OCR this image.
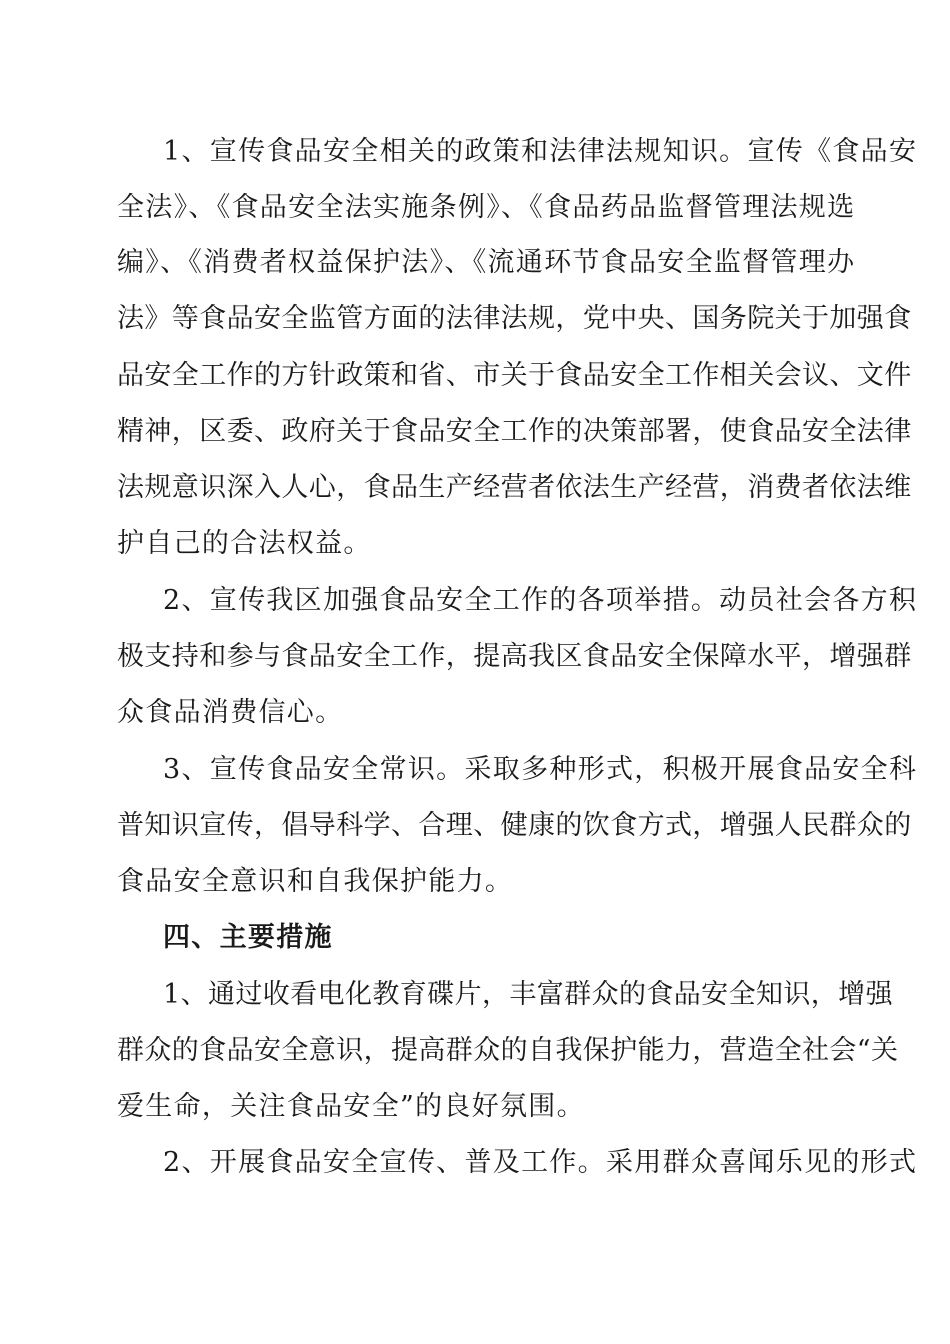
1、宣传食品安全相关的政策和法律法规知识。宣传《食品安
全法》、《食品安全法实施条例》、《食品药品监督管理法规选
编》、《消费者权益保护法》、《流通环节食品安全监督管理办
法》等食品安全监管方面的法律法规，党中央、国务院关于加强食
品安全工作的方针政策和省、市关于食品安全工作相关会议、文件
精神，区委、政府关于食品安全工作的决策部署，使食品安全法律
法规意识深入人心，食品生产经营者依法生产经营，消费者依法维
护自己的合法权益。
2、宣传我区加强食品安全工作的各项举措。动员社会各方积
极支持和参与食品安全工作，提高我区食品安全保障水平，增强群
众食品消费信心。
3、宣传食品安全常识。采取多种形式，积极开展食品安全科
普知识宣传，倡导科学、合理、健康的饮食方式，增强人民群众的
食品安全意识和自我保护能力。
四、主要措施
1、通过收看电化教育碟片，丰富群众的食品安全知识，增强
群众的食品安全意识，提高群众的自我保护能力，营造全社会“关
爱生命，关注食品安全”的良好氛围。
2、开展食品安全宣传、普及工作。采用群众喜闻乐见的形式
